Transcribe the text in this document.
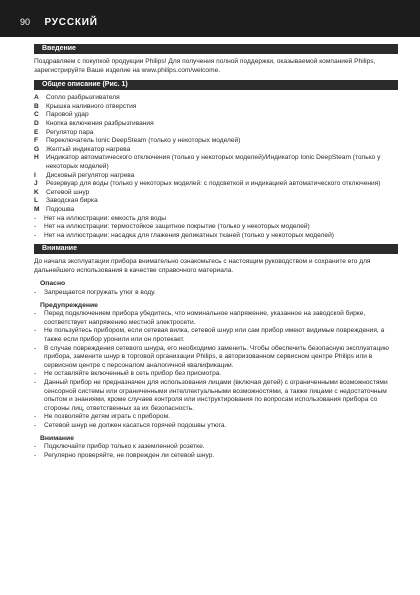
90 РУССКИЙ
Введение
Поздравляем с покупкой продукции Philips! Для получения полной поддержки, оказываемой компанией Philips, зарегистрируйте Ваше изделие на www.philips.com/welcome.
Общее описание (Рис. 1)
A	Сопло разбрызгивателя
B	Крышка наливного отверстия
C	Паровой удар
D	Кнопка включения разбрызгивания
E	Регулятор пара
F	Переключатель Ionic DeepSteam (только у некоторых моделей)
G	Желтый индикатор нагрева
H	Индикатор автоматического отключения (только у некоторых моделей)/Индикатор Ionic DeepSteam (только у некоторых моделей)
I	Дисковый регулятор нагрева
J	Резервуар для воды (только у некоторых моделей: с подсветкой и индикацией автоматического отключения)
K	Сетевой шнур
L	Заводская бирка
M Подошва
-	Нет на иллюстрации: емкость для воды
-	Нет на иллюстрации: термостойкое защитное покрытие (только у некоторых моделей)
-	Нет на иллюстрации: насадка для глажения деликатных тканей (только у некоторых моделей)
Внимание
До начала эксплуатации прибора внимательно ознакомьтесь с настоящим руководством и сохраните его для дальнейшего использования в качестве справочного материала.
Опасно
-	Запрещается погружать утюг в воду.
Предупреждение
-	Перед подключением прибора убедитесь, что номинальное напряжение, указанное на заводской бирке, соответствует напряжению местной электросети.
-	Не пользуйтесь прибором, если сетевая вилка, сетевой шнур или сам прибор имеют видимые повреждения, а также если прибор уронили или он протекает.
-	В случае повреждения сетевого шнура, его необходимо заменить. Чтобы обеспечить безопасную эксплуатацию прибора, замените шнур в торговой организации Philips, в авторизованном сервисном центре Philips или в сервисном центре с персоналом аналогичной квалификации.
-	Не оставляйте включенный в сеть прибор без присмотра.
-	Данный прибор не предназначен для использования лицами (включая детей) с ограниченными возможностями сенсорной системы или ограниченными интеллектуальными возможностями, а также лицами с недостаточным опытом и знаниями, кроме случаев контроля или инструктирования по вопросам использования прибора со стороны лиц, ответственных за их безопасность.
-	Не позволяйте детям играть с прибором.
-	Сетевой шнур не должен касаться горячей подошвы утюга.
Внимание
-	Подключайте прибор только к заземленной розетке.
-	Регулярно проверяйте, не поврежден ли сетевой шнур.
